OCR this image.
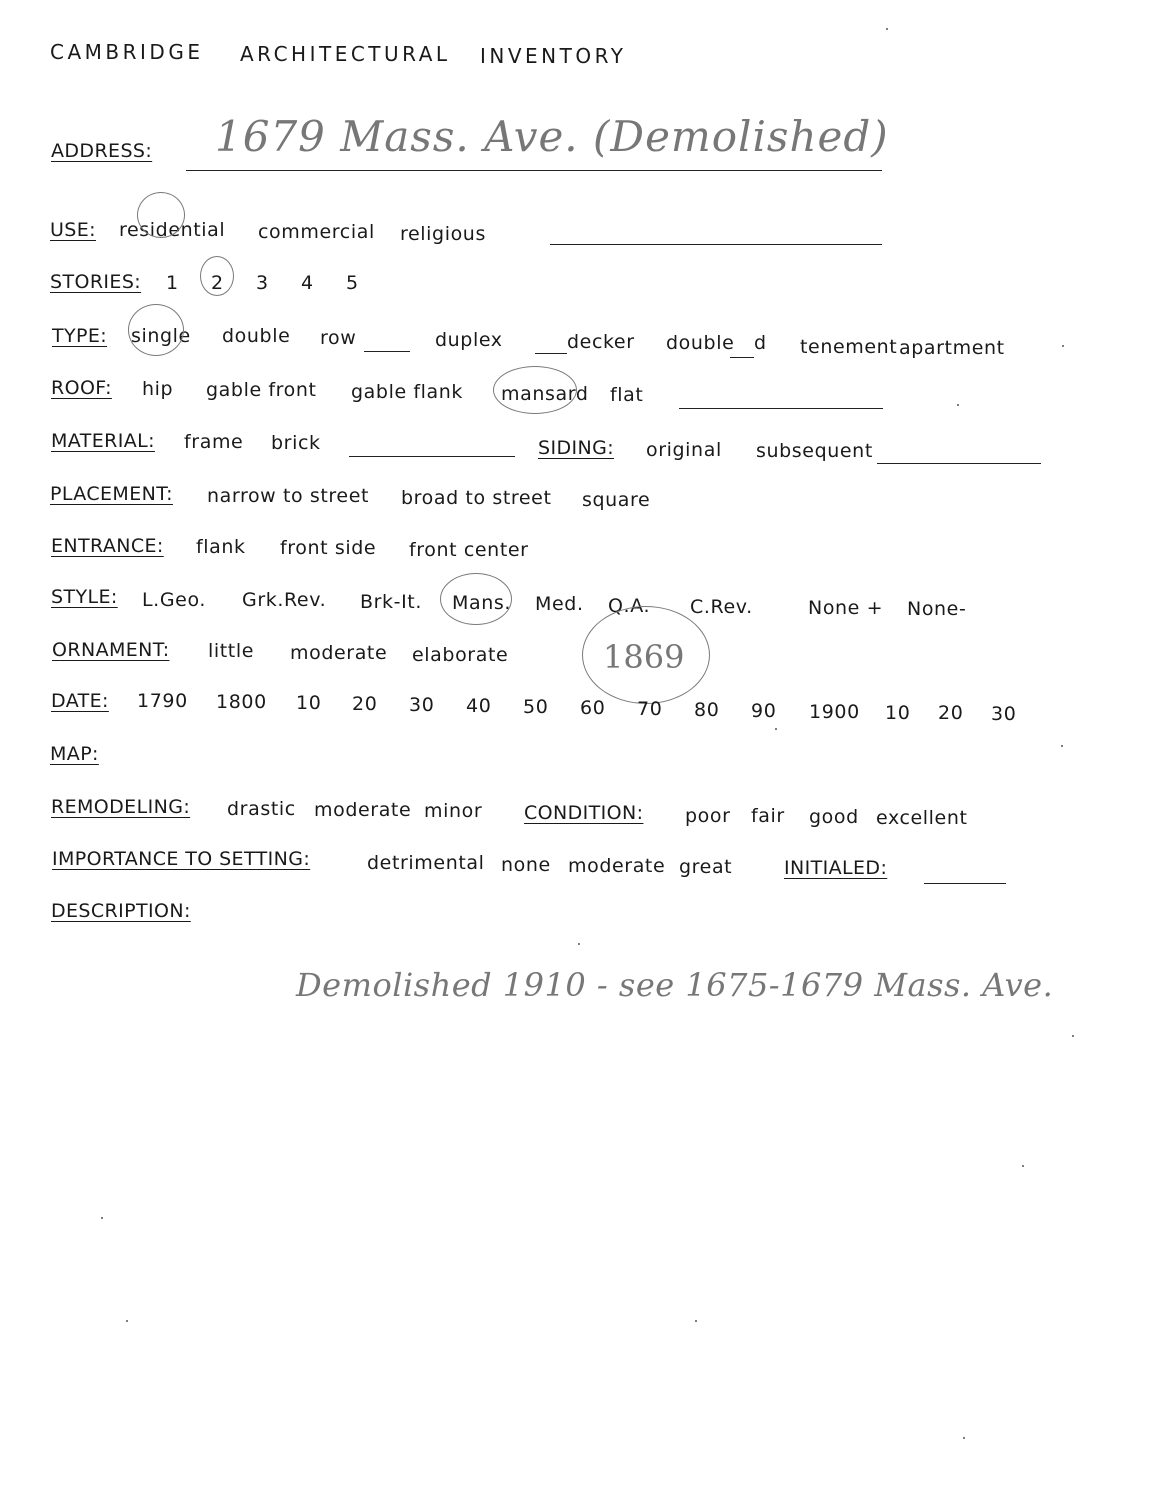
CAMBRIDGE ARCHITECTURAL INVENTORY
ADDRESS: 1679 Mass. Ave. (Demolished)
USE: residential commercial religious
STORIES: 1 2 3 4 5
TYPE: single double row	duplex	decker double d tenement apartment
ROOF: hip gable front gable flank mansard flat
MATERIAL: frame brick	SIDING: original subsequent
PLACEMENT: narrow to street broad to street square
ENTRANCE: flank front side front center
STYLE: L.Geo. Grk.Rev. Brk-It. Mans. Med. Q.A. C.Rev.	None + None-
ORNAMENT: little moderate elaborate	1869
DATE: 1790 1800 10 20 30 40 50 60 70 80 90 1900 10 20 30
MAP:
REMODELING: drastic moderate minor CONDITION: poor fair good excellent
IMPORTANCE TO SETTING:	detrimental none moderate great	INITIALED:
DESCRIPTION:
Demolished 1910 - see 1675-1679 Mass. Ave.
